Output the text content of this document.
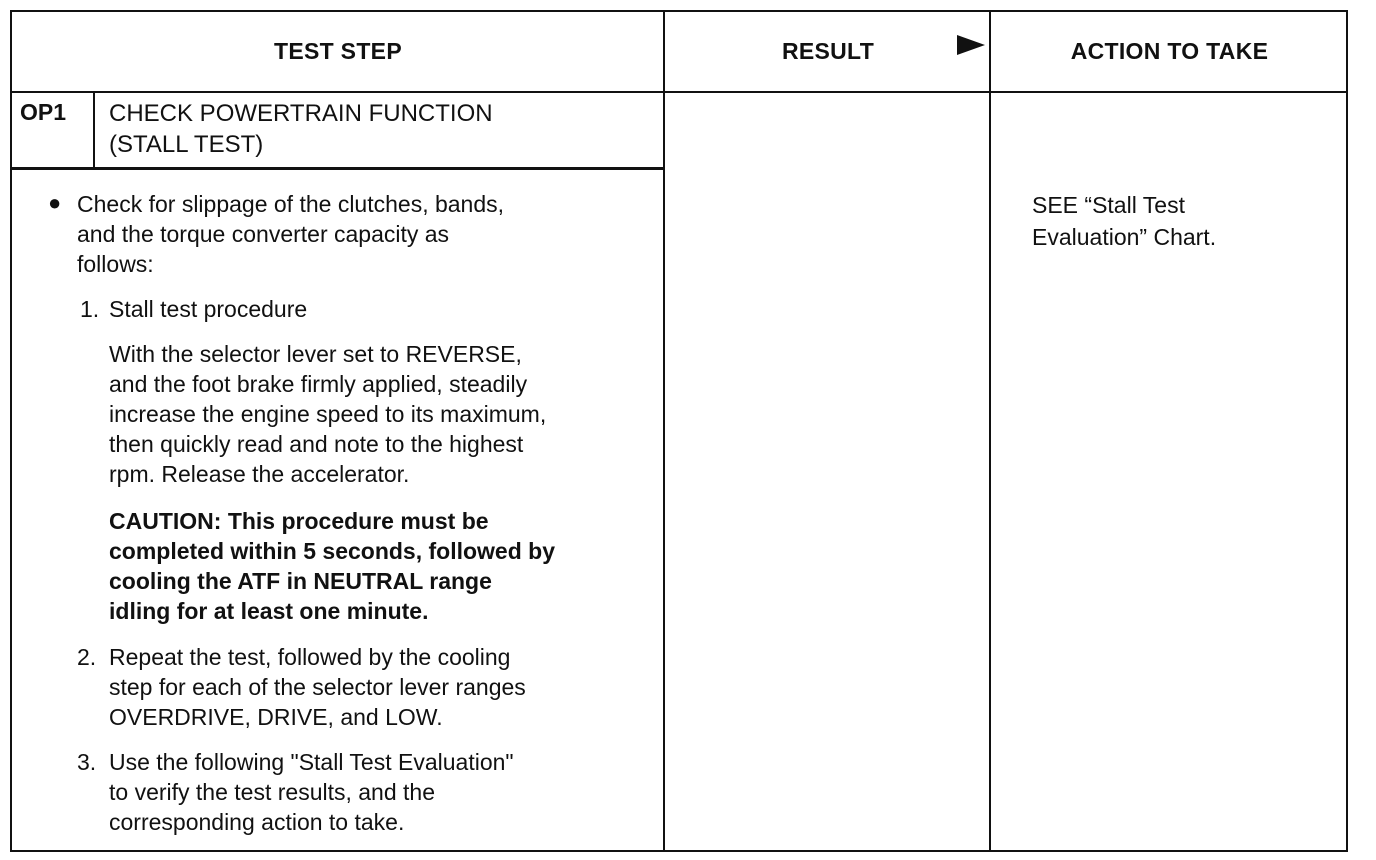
TEST STEP	RESULT	ACTION TO TAKE
OP1 CHECK POWERTRAIN FUNCTION
(STALL TEST)
● Check for slippage of the clutches, bands,
and the torque converter capacity as
follows:
1. Stall test procedure
With the selector lever set to REVERSE,
and the foot brake firmly applied, steadily
increase the engine speed to its maximum,
then quickly read and note to the highest
rpm. Release the accelerator.
CAUTION: This procedure must be
completed within 5 seconds, followed by
cooling the ATF in NEUTRAL range
idling for at least one minute.
2. Repeat the test, followed by the cooling
step for each of the selector lever ranges
OVERDRIVE, DRIVE, and LOW.
3. Use the following "Stall Test Evaluation"
to verify the test results, and the
corresponding action to take.
SEE “Stall Test
Evaluation” Chart.
